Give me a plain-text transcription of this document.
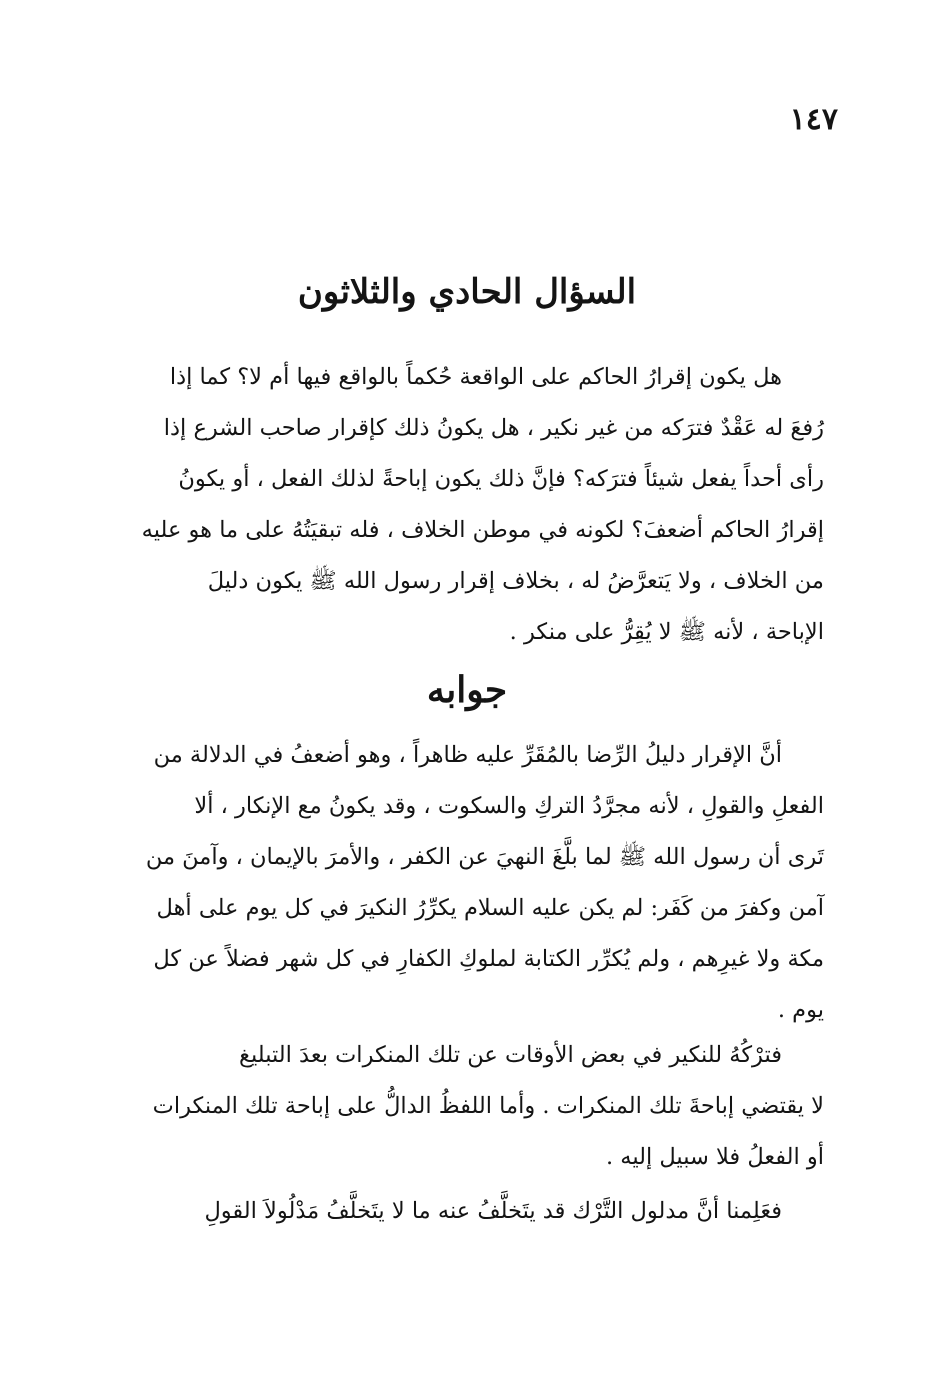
١٤٧
السؤال الحادي والثلاثون

هل يكون إقرارُ الحاكم على الواقعة حُكماً بالواقع فيها أم لا؟ كما إذا

رُفعَ له عَقْدٌ فترَكه من غير نكير ، هل يكونُ ذلك كإقرار صاحب الشرع إذا

رأى أحداً يفعل شيئاً فترَكه؟ فإنَّ ذلك يكون إباحةً لذلك الفعل ، أو يكونُ

إقرارُ الحاكم أضعفَ؟ لكونه في موطن الخلاف ، فله تبقيَتُهُ على ما هو عليه

من الخلاف ، ولا يَتعرَّضُ له ، بخلاف إقرار رسول الله ﷺ يكون دليلَ

الإباحة ، لأنه ﷺ لا يُقِرُّ على منكر .

جوابه

أنَّ الإقرار دليلُ الرِّضا بالمُقَرِّ عليه ظاهراً ، وهو أضعفُ في الدلالة من

الفعلِ والقولِ ، لأنه مجرَّدُ التركِ والسكوت ، وقد يكونُ مع الإنكار ، ألا

تَرى أن رسول الله ﷺ لما بلَّغَ النهيَ عن الكفر ، والأمرَ بالإيمان ، وآمنَ من

آمن وكفرَ من كَفَر: لم يكن عليه السلام يكرِّرُ النكيرَ في كل يوم على أهل

مكة ولا غيرِهم ، ولم يُكرِّر الكتابة لملوكِ الكفارِ في كل شهر فضلاً عن كل

يوم .

فترْكُهُ للنكير في بعض الأوقات عن تلك المنكرات بعدَ التبليغ

لا يقتضي إباحةَ تلك المنكرات . وأما اللفظُ الدالُّ على إباحة تلك المنكرات

أو الفعلُ فلا سبيل إليه .

فعَلِمنا أنَّ مدلول التَّرْك قد يتَخلَّفُ عنه ما لا يتَخلَّفُ مَدْلُولاَ القولِ
